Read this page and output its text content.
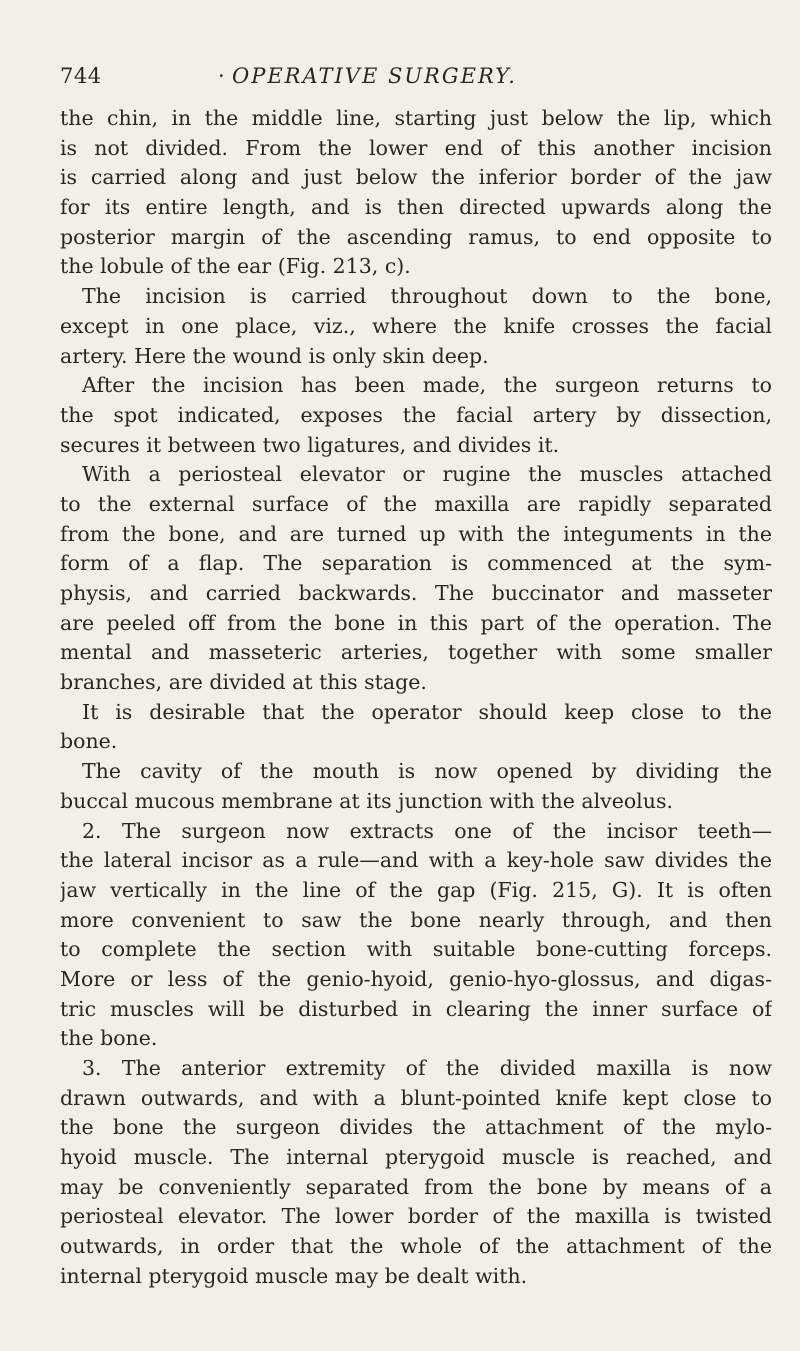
744
·	OPERATIVE SURGERY.
the chin, in the middle line, starting just below the lip, which
is not divided. From the lower end of this another incision
is carried along and just below the inferior border of the jaw
for its entire length, and is then directed upwards along the
posterior margin of the ascending ramus, to end opposite to
the lobule of the ear (Fig. 213, c).
The incision is carried throughout down to the bone,
except in one place, viz., where the knife crosses the facial
artery. Here the wound is only skin deep.
After the incision has been made, the surgeon returns to
the spot indicated, exposes the facial artery by dissection,
secures it between two ligatures, and divides it.
With a periosteal elevator or rugine the muscles attached
to the external surface of the maxilla are rapidly separated
from the bone, and are turned up with the integuments in the
form of a flap. The separation is commenced at the sym-
physis, and carried backwards. The buccinator and masseter
are peeled off from the bone in this part of the operation. The
mental and masseteric arteries, together with some smaller
branches, are divided at this stage.
It is desirable that the operator should keep close to the
bone.
The cavity of the mouth is now opened by dividing the
buccal mucous membrane at its junction with the alveolus.
2. The surgeon now extracts one of the incisor teeth—
the lateral incisor as a rule—and with a key-hole saw divides the
jaw vertically in the line of the gap (Fig. 215, G). It is often
more convenient to saw the bone nearly through, and then
to complete the section with suitable bone-cutting forceps.
More or less of the genio-hyoid, genio-hyo-glossus, and digas-
tric muscles will be disturbed in clearing the inner surface of
the bone.
3. The anterior extremity of the divided maxilla is now
drawn outwards, and with a blunt-pointed knife kept close to
the bone the surgeon divides the attachment of the mylo-
hyoid muscle. The internal pterygoid muscle is reached, and
may be conveniently separated from the bone by means of a
periosteal elevator. The lower border of the maxilla is twisted
outwards, in order that the whole of the attachment of the
internal pterygoid muscle may be dealt with.
